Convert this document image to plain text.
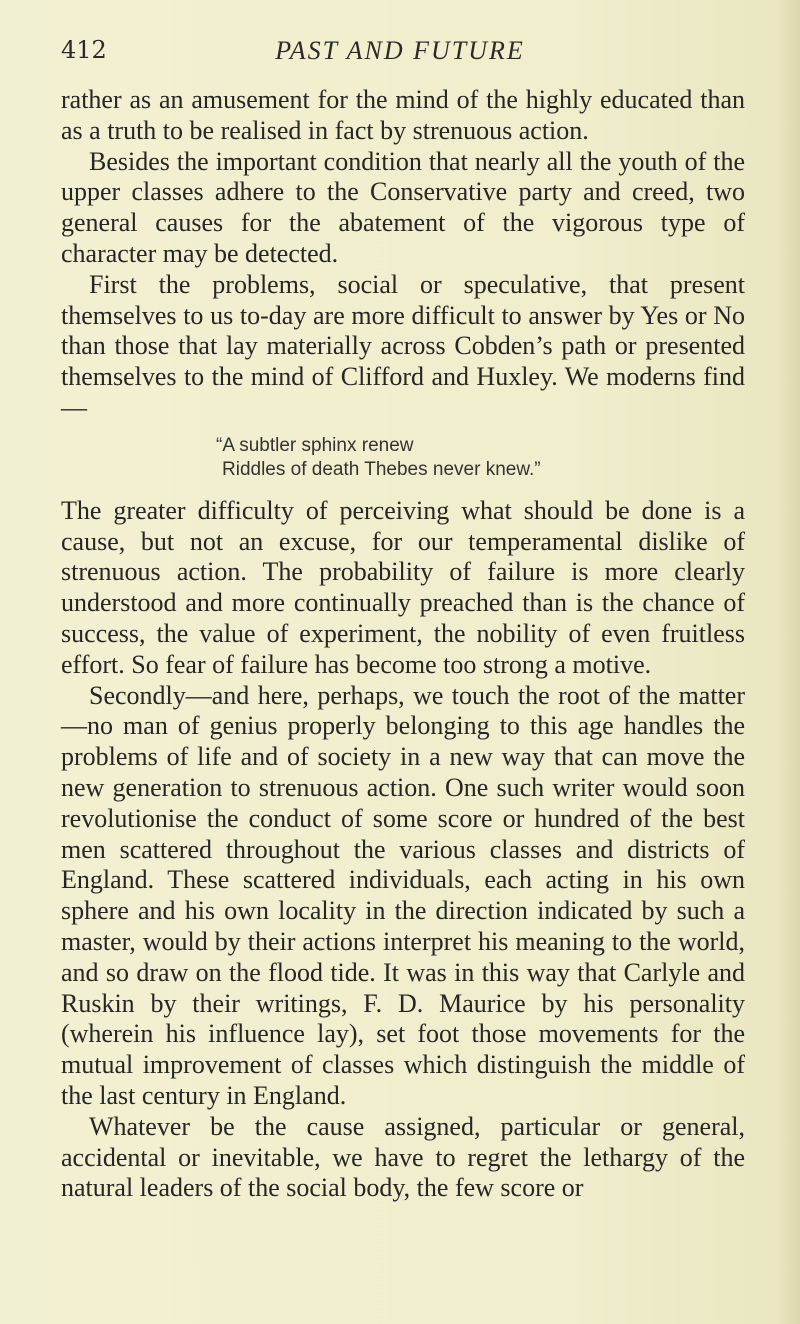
412	PAST AND FUTURE

rather as an amusement for the mind of the highly educated than as a truth to be realised in fact by strenuous action.

Besides the important condition that nearly all the youth of the upper classes adhere to the Conservative party and creed, two general causes for the abatement of the vigorous type of character may be detected.

First the problems, social or speculative, that present themselves to us to-day are more difficult to answer by Yes or No than those that lay materially across Cobden’s path or presented themselves to the mind of Clifford and Huxley. We moderns find—

“A subtler sphinx renew
Riddles of death Thebes never knew.”

The greater difficulty of perceiving what should be done is a cause, but not an excuse, for our temperamental dislike of strenuous action. The probability of failure is more clearly understood and more continually preached than is the chance of success, the value of experiment, the nobility of even fruitless effort. So fear of failure has become too strong a motive.

Secondly—and here, perhaps, we touch the root of the matter—no man of genius properly belonging to this age handles the problems of life and of society in a new way that can move the new generation to strenuous action. One such writer would soon revolutionise the conduct of some score or hundred of the best men scattered throughout the various classes and districts of England. These scattered individuals, each acting in his own sphere and his own locality in the direction indicated by such a master, would by their actions interpret his meaning to the world, and so draw on the flood tide. It was in this way that Carlyle and Ruskin by their writings, F. D. Maurice by his personality (wherein his influence lay), set foot those movements for the mutual improvement of classes which distinguish the middle of the last century in England.

Whatever be the cause assigned, particular or general, accidental or inevitable, we have to regret the lethargy of the natural leaders of the social body, the few score or
